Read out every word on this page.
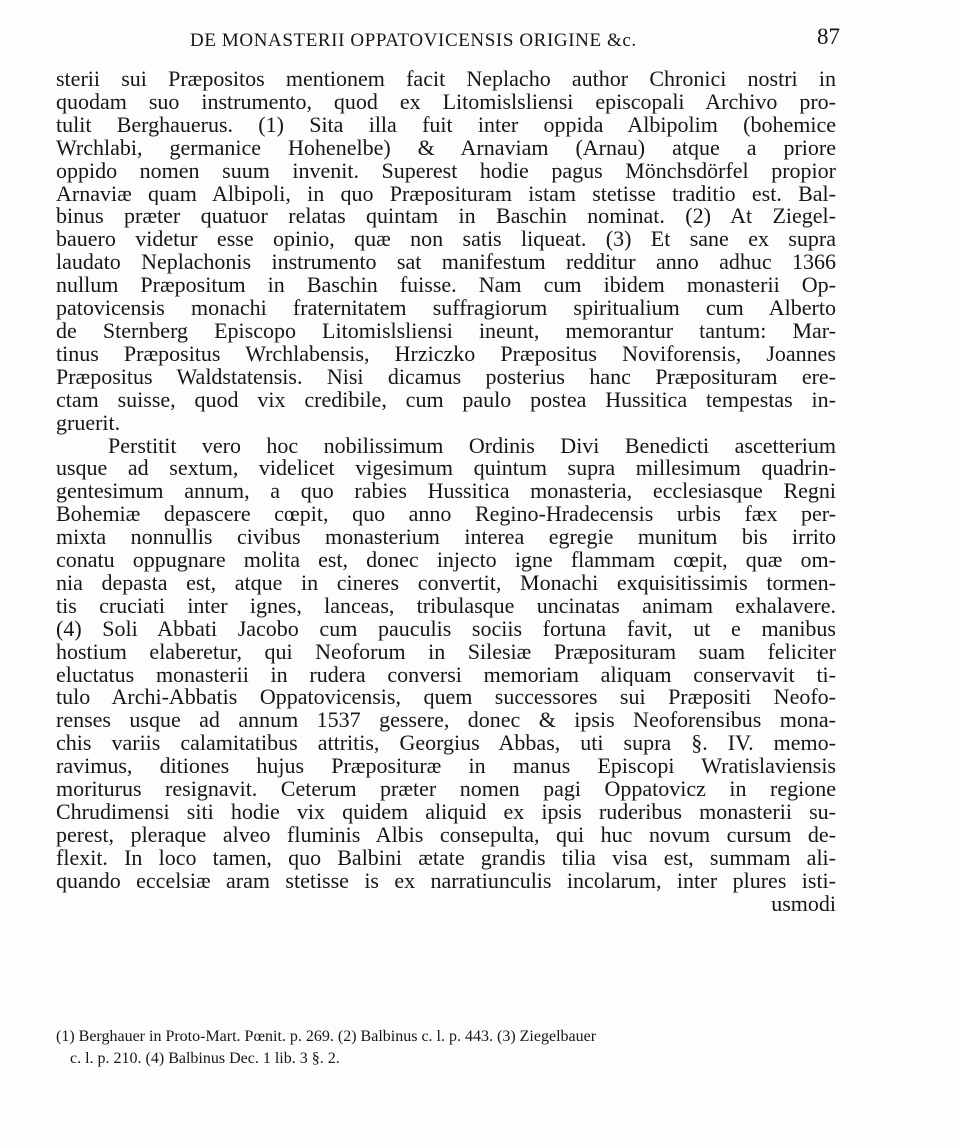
DE MONASTERII OPPATOVICENSIS ORIGINE &c.	87
sterii sui Præpositos mentionem facit Neplacho author Chronici nostri in
quodam suo instrumento, quod ex Litomislsliensi episcopali Archivo pro-
tulit Berghauerus. (1) Sita illa fuit inter oppida Albipolim (bohemice
Wrchlabi, germanice Hohenelbe) & Arnaviam (Arnau) atque a priore
oppido nomen suum invenit. Superest hodie pagus Mönchsdörfel propior
Arnaviæ quam Albipoli, in quo Præposituram istam stetisse traditio est. Bal-
binus præter quatuor relatas quintam in Baschin nominat. (2) At Ziegel-
bauero videtur esse opinio, quæ non satis liqueat. (3) Et sane ex supra
laudato Neplachonis instrumento sat manifestum redditur anno adhuc 1366
nullum Præpositum in Baschin fuisse. Nam cum ibidem monasterii Op-
patovicensis monachi fraternitatem suffragiorum spiritualium cum Alberto
de Sternberg Episcopo Litomislsliensi ineunt, memorantur tantum: Mar-
tinus Præpositus Wrchlabensis, Hrziczko Præpositus Noviforensis, Joannes
Præpositus Waldstatensis. Nisi dicamus posterius hanc Præposituram ere-
ctam suisse, quod vix credibile, cum paulo postea Hussitica tempestas in-
gruerit.
Perstitit vero hoc nobilissimum Ordinis Divi Benedicti ascetterium
usque ad sextum, videlicet vigesimum quintum supra millesimum quadrin-
gentesimum annum, a quo rabies Hussitica monasteria, ecclesiasque Regni
Bohemiæ depascere cœpit, quo anno Regino-Hradecensis urbis fæx per-
mixta nonnullis civibus monasterium interea egregie munitum bis irrito
conatu oppugnare molita est, donec injecto igne flammam cœpit, quæ om-
nia depasta est, atque in cineres convertit, Monachi exquisitissimis tormen-
tis cruciati inter ignes, lanceas, tribulasque uncinatas animam exhalavere.
(4) Soli Abbati Jacobo cum pauculis sociis fortuna favit, ut e manibus
hostium elaberetur, qui Neoforum in Silesiæ Præposituram suam feliciter
eluctatus monasterii in rudera conversi memoriam aliquam conservavit ti-
tulo Archi-Abbatis Oppatovicensis, quem successores sui Præpositi Neofo-
renses usque ad annum 1537 gessere, donec & ipsis Neoforensibus mona-
chis variis calamitatibus attritis, Georgius Abbas, uti supra §. IV. memo-
ravimus, ditiones hujus Præposituræ in manus Episcopi Wratislaviensis
moriturus resignavit. Ceterum præter nomen pagi Oppatovicz in regione
Chrudimensi siti hodie vix quidem aliquid ex ipsis ruderibus monasterii su-
perest, pleraque alveo fluminis Albis consepulta, qui huc novum cursum de-
flexit. In loco tamen, quo Balbini ætate grandis tilia visa est, summam ali-
quando eccelsiæ aram stetisse is ex narratiunculis incolarum, inter plures isti-
usmodi
(1) Berghauer in Proto-Mart. Pœnit. p. 269. (2) Balbinus c. l. p. 443. (3) Ziegelbauer
c. l. p. 210. (4) Balbinus Dec. 1 lib. 3 §. 2.
